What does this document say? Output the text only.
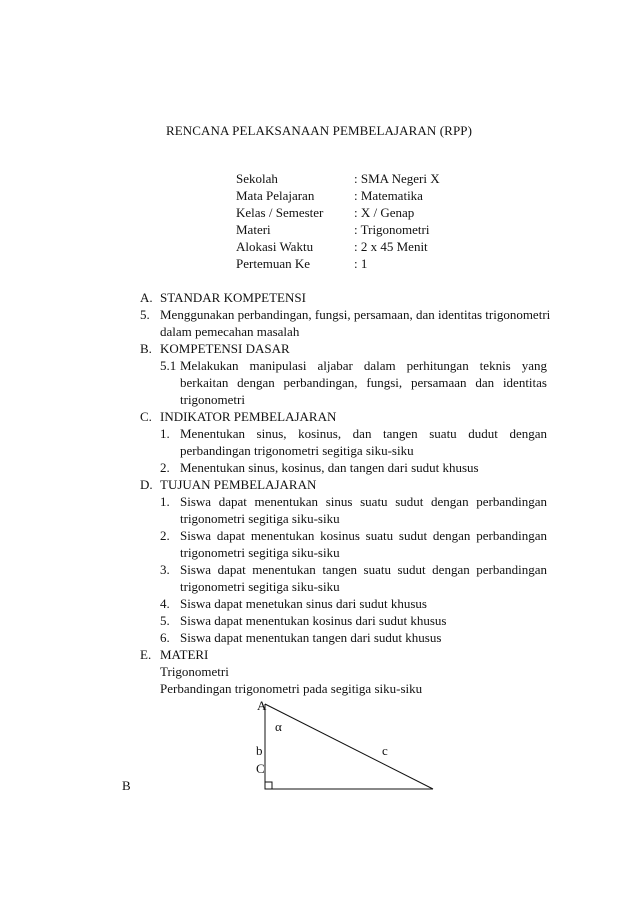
RENCANA PELAKSANAAN PEMBELAJARAN (RPP)
Sekolah	: SMA Negeri X
Mata Pelajaran	: Matematika
Kelas / Semester : X / Genap
Materi	: Trigonometri
Alokasi Waktu	: 2 x 45 Menit
Pertemuan Ke	: 1
A. STANDAR KOMPETENSI
5. Menggunakan perbandingan, fungsi, persamaan, dan identitas trigonometri
dalam pemecahan masalah
B. KOMPETENSI DASAR
5.1 Melakukan manipulasi aljabar dalam perhitungan teknis yang
berkaitan dengan perbandingan, fungsi, persamaan dan identitas
trigonometri
C. INDIKATOR PEMBELAJARAN
1. Menentukan sinus, kosinus, dan tangen suatu dudut dengan
perbandingan trigonometri segitiga siku-siku
2. Menentukan sinus, kosinus, dan tangen dari sudut khusus
D. TUJUAN PEMBELAJARAN
1. Siswa dapat menentukan sinus suatu sudut dengan perbandingan
trigonometri segitiga siku-siku
2. Siswa dapat menentukan kosinus suatu sudut dengan perbandingan
trigonometri segitiga siku-siku
3. Siswa dapat menentukan tangen suatu sudut dengan perbandingan
trigonometri segitiga siku-siku
4. Siswa dapat menetukan sinus dari sudut khusus
5. Siswa dapat menentukan kosinus dari sudut khusus
6. Siswa dapat menentukan tangen dari sudut khusus
E. MATERI
Trigonometri
Perbandingan trigonometri pada segitiga siku-siku
A
α
b	c
C
B
